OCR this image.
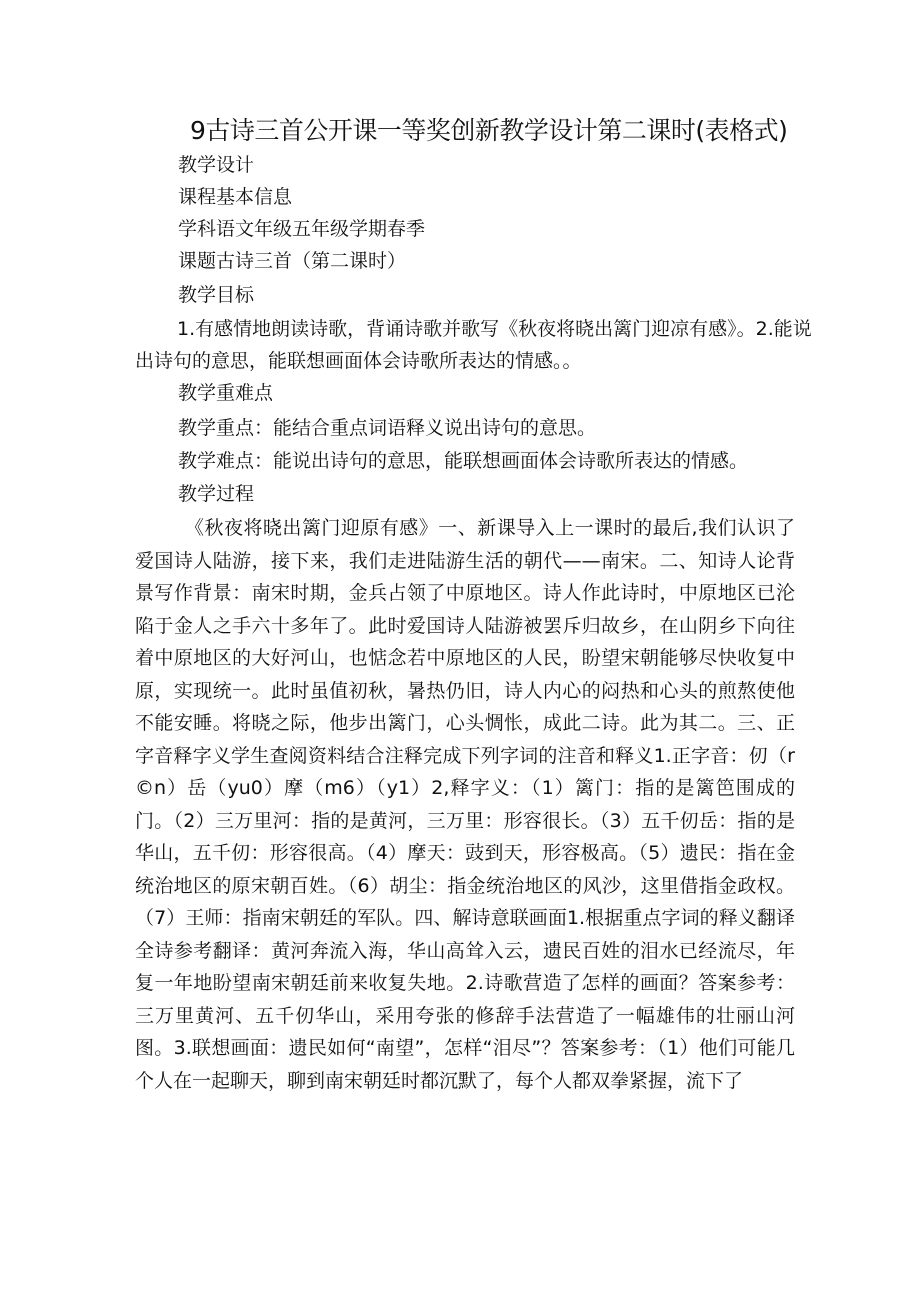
9古诗三首公开课一等奖创新教学设计第二课时(表格式)
教学设计
课程基本信息
学科语文年级五年级学期春季
课题古诗三首（第二课时）
教学目标
1.有感情地朗读诗歌，背诵诗歌并歌写《秋夜将晓出篱门迎凉有感》。2.能说出诗句的意思，能联想画面体会诗歌所表达的情感。。
教学重难点
教学重点：能结合重点词语释义说出诗句的意思。
教学难点：能说出诗句的意思，能联想画面体会诗歌所表达的情感。
教学过程
《秋夜将晓出篱门迎原有感》一、新课导入上一课时的最后,我们认识了爱国诗人陆游，接下来，我们走进陆游生活的朝代——南宋。二、知诗人论背景写作背景：南宋时期，金兵占领了中原地区。诗人作此诗时，中原地区已沦陷于金人之手六十多年了。此时爱国诗人陆游被罢斥归故乡，在山阴乡下向往着中原地区的大好河山，也惦念若中原地区的人民，盼望宋朝能够尽快收复中原，实现统一。此时虽值初秋，暑热仍旧，诗人内心的闷热和心头的煎熬使他不能安睡。将晓之际，他步出篱门，心头惆怅，成此二诗。此为其二。三、正字音释字义学生查阅资料结合注释完成下列字词的注音和释义1.正字音：仞（r©n）岳（yu0）摩（m6）（y1）2,释字义：（1）篱门：指的是篱笆围成的门。（2）三万里河：指的是黄河，三万里：形容很长。（3）五千仞岳：指的是华山，五千仞：形容很高。（4）摩天：豉到天，形容极高。（5）遗民：指在金统治地区的原宋朝百姓。（6）胡尘：指金统治地区的风沙，这里借指金政权。（7）王师：指南宋朝廷的军队。四、解诗意联画面1.根据重点字词的释义翻译全诗参考翻译：黄河奔流入海，华山高耸入云，遗民百姓的泪水已经流尽，年复一年地盼望南宋朝廷前来收复失地。2.诗歌营造了怎样的画面？答案参考：三万里黄河、五千仞华山，采用夸张的修辞手法营造了一幅雄伟的壮丽山河图。3.联想画面：遗民如何“南望”，怎样“泪尽”？答案参考：（1）他们可能几个人在一起聊天，聊到南宋朝廷时都沉默了，每个人都双拳紧握，流下了
